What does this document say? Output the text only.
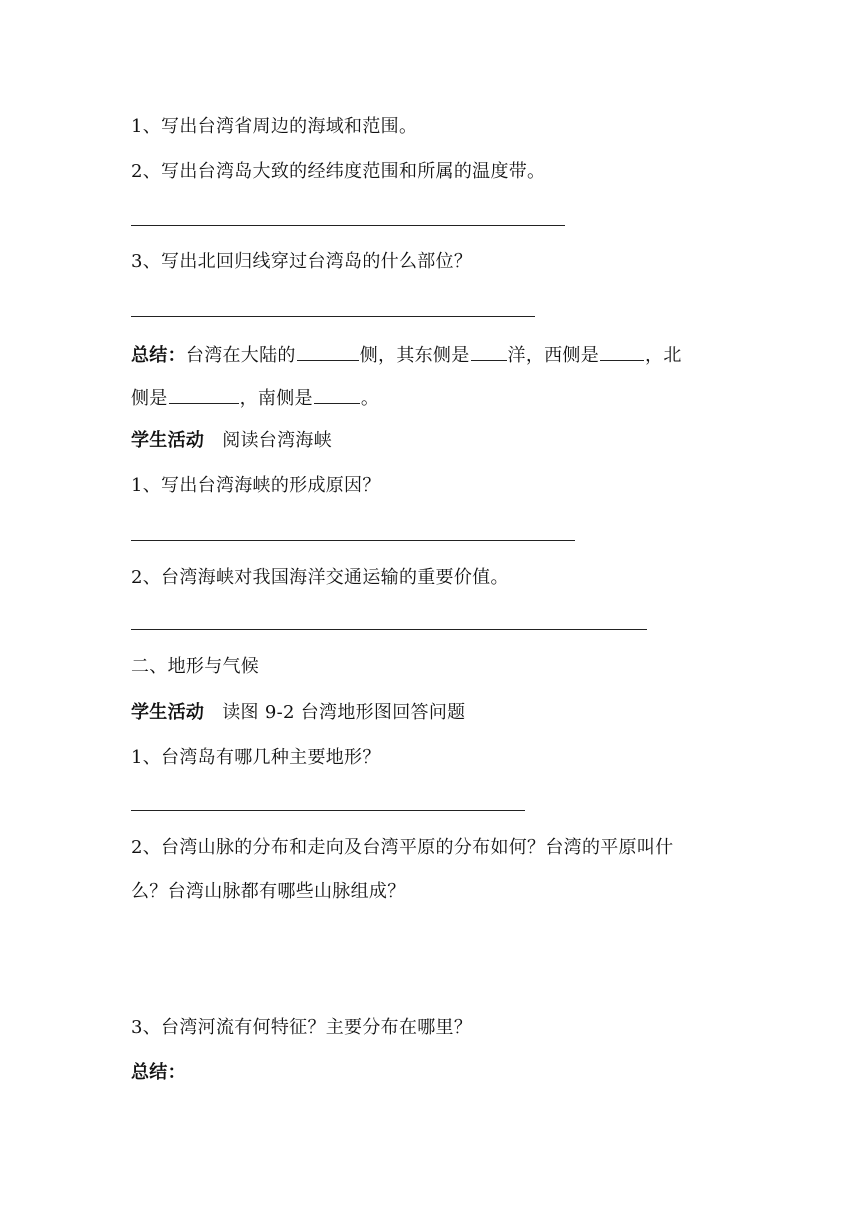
1、写出台湾省周边的海域和范围。
2、写出台湾岛大致的经纬度范围和所属的温度带。
3、写出北回归线穿过台湾岛的什么部位？
总结：台湾在大陆的	侧，其东侧是 洋，西侧是	，北
侧是	，南侧是	。
学生活动 阅读台湾海峡
1、写出台湾海峡的形成原因？
2、台湾海峡对我国海洋交通运输的重要价值。
二、地形与气候
学生活动 读图 9-2 台湾地形图回答问题
1、台湾岛有哪几种主要地形？
2、台湾山脉的分布和走向及台湾平原的分布如何？台湾的平原叫什
么？台湾山脉都有哪些山脉组成？
3、台湾河流有何特征？主要分布在哪里？
总结：
